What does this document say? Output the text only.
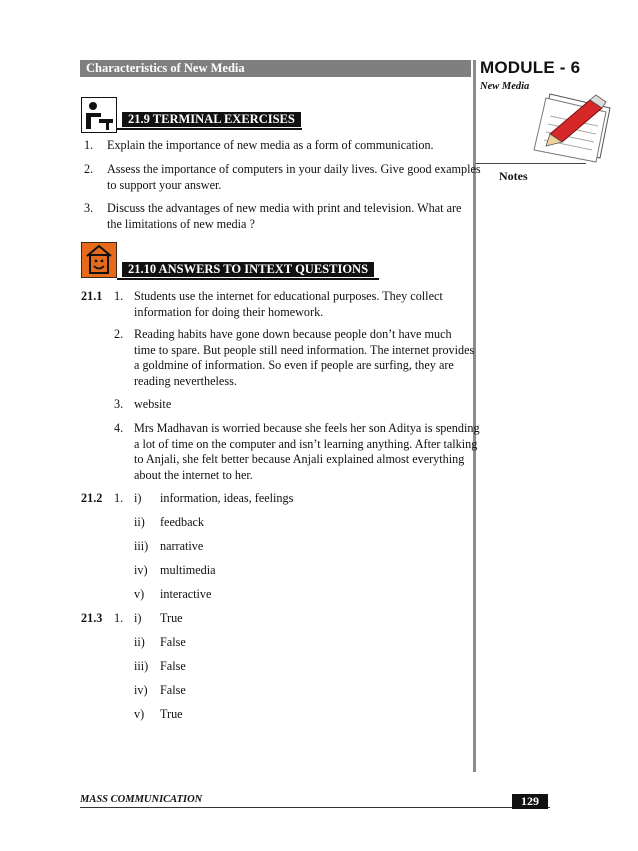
Characteristics of New Media	MODULE - 6
New Media
Notes
21.9 TERMINAL EXERCISES
1. Explain the importance of new media as a form of communication.
2. Assess the importance of computers in your daily lives. Give good examples
to support your answer.
3. Discuss the advantages of new media with print and television. What are
the limitations of new media ?
21.10 ANSWERS TO INTEXT QUESTIONS
21.1 1. Students use the internet for educational purposes. They collect
information for doing their homework.
2. Reading habits have gone down because people don’t have much
time to spare. But people still need information. The internet provides
a goldmine of information. So even if people are surfing, they are
reading nevertheless.
3. website
4. Mrs Madhavan is worried because she feels her son Aditya is spending
a lot of time on the computer and isn’t learning anything. After talking
to Anjali, she felt better because Anjali explained almost everything
about the internet to her.
21.2 1. i) information, ideas, feelings
ii) feedback
iii) narrative
iv) multimedia
v) interactive
21.3 1. i) True
ii) False
iii) False
iv) False
v) True
MASS COMMUNICATION	129
